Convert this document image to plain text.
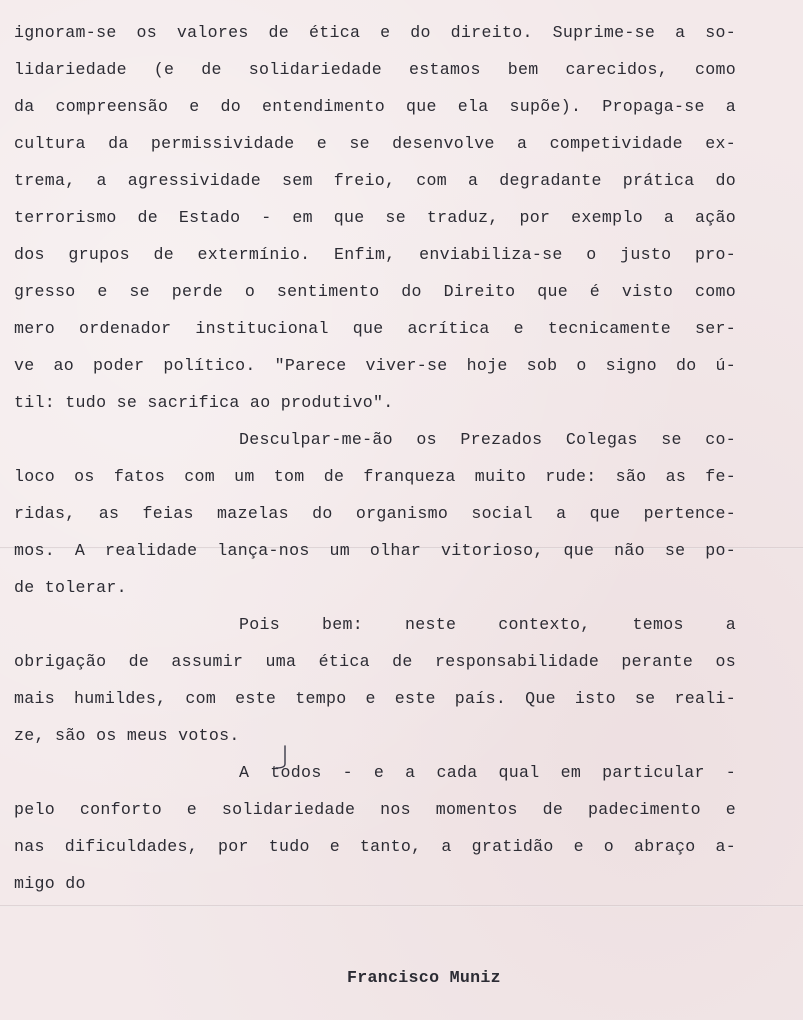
ignoram-se os valores de ética e do direito. Suprime-se a so-
lidariedade (e de solidariedade estamos bem carecidos, como
da compreensão e do entendimento que ela supõe). Propaga-se a
cultura da permissividade e se desenvolve a competividade ex-
trema, a agressividade sem freio, com a degradante prática do
terrorismo de Estado - em que se traduz, por exemplo a ação
dos grupos de extermínio. Enfim, enviabiliza-se o justo pro-
gresso e se perde o sentimento do Direito que é visto como
mero ordenador institucional que acrítica e tecnicamente ser-
ve ao poder político. "Parece viver-se hoje sob o signo do ú-
til: tudo se sacrifica ao produtivo".
Desculpar-me-ão os Prezados Colegas se co-
loco os fatos com um tom de franqueza muito rude: são as fe-
ridas, as feias mazelas do organismo social a que pertence-
mos. A realidade lança-nos um olhar vitorioso, que não se po-
de tolerar.
Pois bem: neste contexto, temos a
obrigação de assumir uma ética de responsabilidade perante os
mais humildes, com este tempo e este país. Que isto se reali-
ze, são os meus votos.
A todos - e a cada qual em particular -
pelo conforto e solidariedade nos momentos de padecimento e
nas dificuldades, por tudo e tanto, a gratidão e o abraço a-
migo do
Francisco Muniz
